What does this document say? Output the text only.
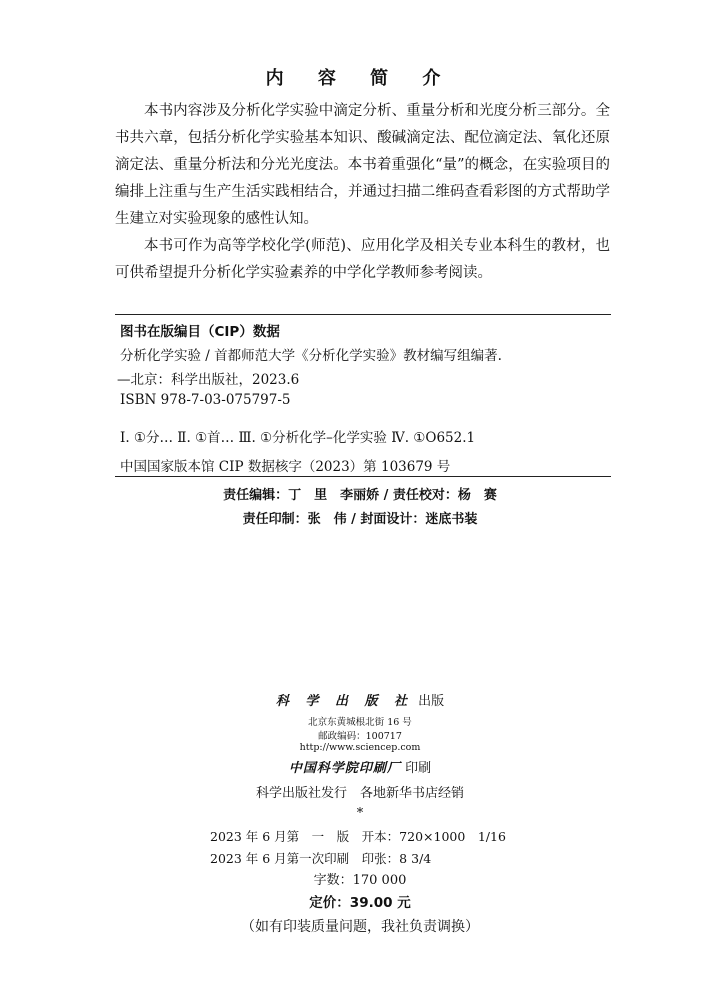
内 容 简 介

本书内容涉及分析化学实验中滴定分析、重量分析和光度分析三部分。全书共六章，包括分析化学实验基本知识、酸碱滴定法、配位滴定法、氧化还原滴定法、重量分析法和分光光度法。本书着重强化“量”的概念，在实验项目的编排上注重与生产生活实践相结合，并通过扫描二维码查看彩图的方式帮助学生建立对实验现象的感性认知。

本书可作为高等学校化学(师范)、应用化学及相关专业本科生的教材，也可供希望提升分析化学实验素养的中学化学教师参考阅读。

图书在版编目（CIP）数据
分析化学实验 / 首都师范大学《分析化学实验》教材编写组编著.
—北京：科学出版社，2023.6
ISBN 978-7-03-075797-5
Ⅰ. ①分… Ⅱ. ①首… Ⅲ. ①分析化学–化学实验 Ⅳ. ①O652.1
中国国家版本馆 CIP 数据核字（2023）第 103679 号
责任编辑：丁　里　李丽娇 / 责任校对：杨　赛
责任印制：张　伟 / 封面设计：迷底书装
科 学 出 版 社 出版
北京东黄城根北街 16 号
邮政编码：100717
http://www.sciencep.com
中国科学院印刷厂 印刷
科学出版社发行　各地新华书店经销
*
2023 年 6 月第　一　版　开本：720×1000　1/16
2023 年 6 月第一次印刷　印张：8 3/4
字数：170 000
定价：39.00 元
（如有印装质量问题，我社负责调换）
